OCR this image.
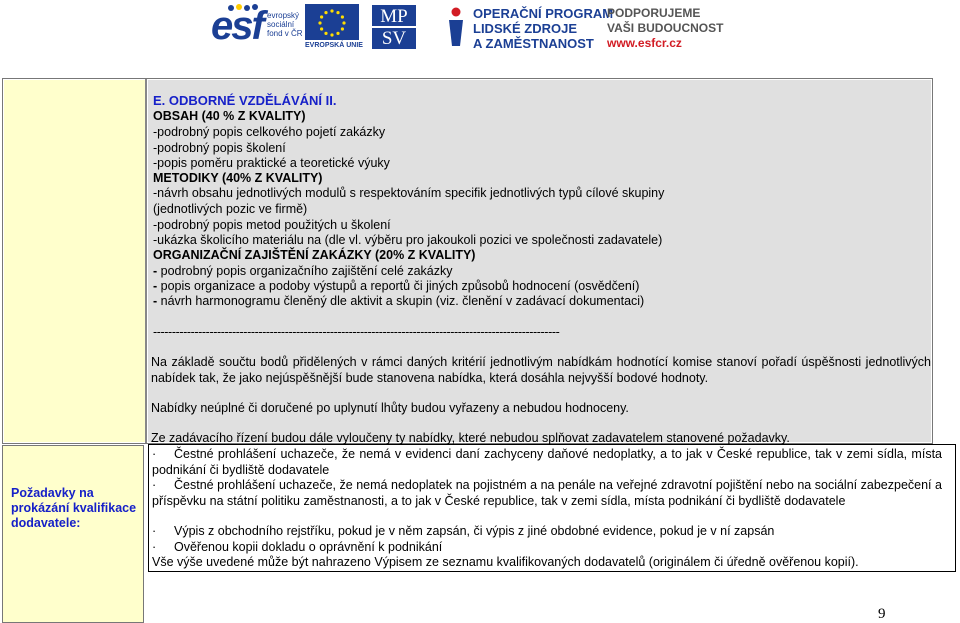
esf evropský
sociální
fond v ČR
EVROPSKÁ UNIE
MP
SV
OPERAČNÍ PROGRAM
LIDSKÉ ZDROJE
A ZAMĚSTNANOST
PODPORUJEME
VAŠI BUDOUCNOST
www.esfcr.cz
E. ODBORNÉ VZDĚLÁVÁNÍ II.
OBSAH (40 % Z KVALITY)
-podrobný popis celkového pojetí zakázky
-podrobný popis školení
-popis poměru praktické a teoretické výuky
METODIKY (40% Z KVALITY)
-návrh obsahu jednotlivých modulů s respektováním specifik jednotlivých typů cílové skupiny
(jednotlivých pozic ve firmě)
-podrobný popis metod použitých u školení
-ukázka školicího materiálu na (dle vl. výběru pro jakoukoli pozici ve společnosti zadavatele)
ORGANIZAČNÍ ZAJIŠTĚNÍ ZAKÁZKY (20% Z KVALITY)
- podrobný popis organizačního zajištění celé zakázky
- popis organizace a podoby výstupů a reportů či jiných způsobů hodnocení (osvědčení)
- návrh harmonogramu členěný dle aktivit a skupin (viz. členění v zadávací dokumentaci)
------------------------------------------------------------------------------------------------------------
Na základě součtu bodů přidělených v rámci daných kritérií jednotlivým nabídkám hodnotící komise stanoví pořadí úspěšnosti jednotlivých nabídek tak, že jako nejúspěšnější bude stanovena nabídka, která dosáhla nejvyšší bodové hodnoty.
Nabídky neúplné či doručené po uplynutí lhůty budou vyřazeny a nebudou hodnoceny.
Ze zadávacího řízení budou dále vyloučeny ty nabídky, které nebudou splňovat zadavatelem stanovené požadavky.
Požadavky na prokázání kvalifikace dodavatele:
· Čestné prohlášení uchazeče, že nemá v evidenci daní zachyceny daňové nedoplatky, a to jak v České republice, tak v zemi sídla, místa podnikání či bydliště dodavatele
· Čestné prohlášení uchazeče, že nemá nedoplatek na pojistném a na penále na veřejné zdravotní pojištění nebo na sociální zabezpečení a příspěvku na státní politiku zaměstnanosti, a to jak v České republice, tak v zemi sídla, místa podnikání či bydliště dodavatele
· Výpis z obchodního rejstříku, pokud je v něm zapsán, či výpis z jiné obdobné evidence, pokud je v ní zapsán
· Ověřenou kopii dokladu o oprávnění k podnikání
Vše výše uvedené může být nahrazeno Výpisem ze seznamu kvalifikovaných dodavatelů (originálem či úředně ověřenou kopií).
9
